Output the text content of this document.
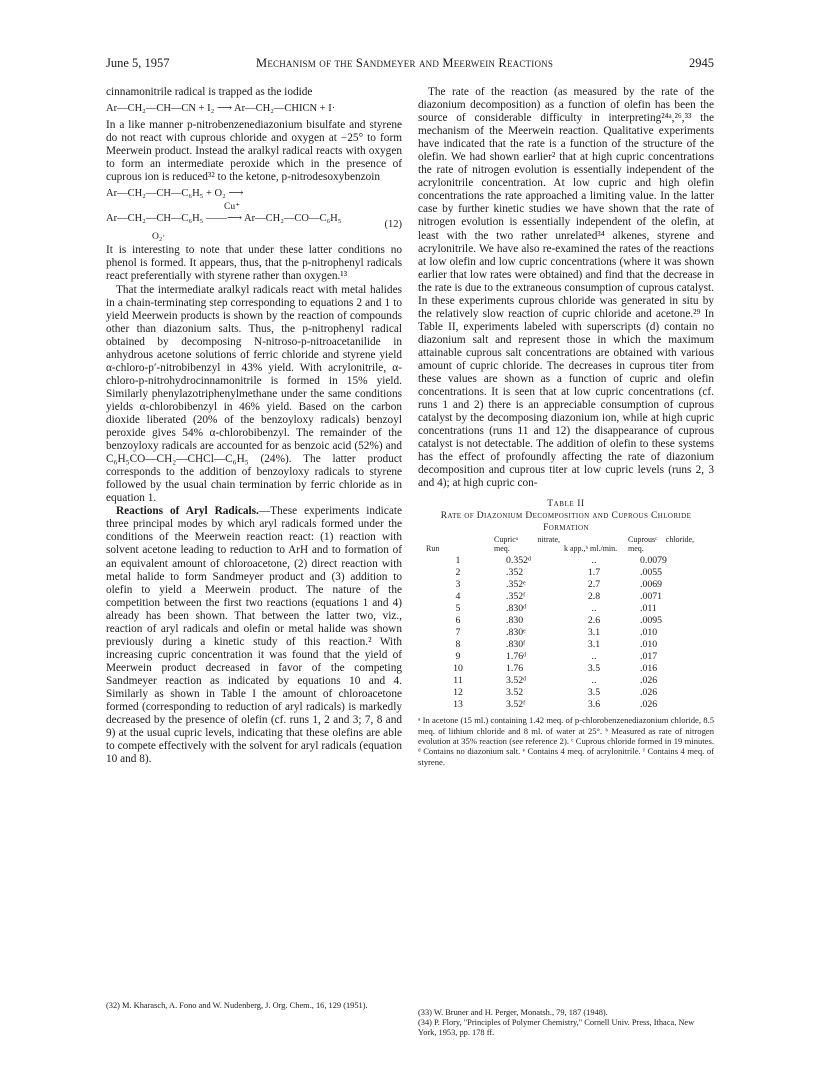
June 5, 1957	Mechanism of the Sandmeyer and Meerwein Reactions	2945

cinnamonitrile radical is trapped as the iodide

Ar—CH₂—CH—CN + I₂ ⟶ Ar—CH₂—CHICN + I·

In a like manner p-nitrobenzenediazonium bisulfate and styrene do not react with cuprous chloride and oxygen at −25° to form Meerwein product. Instead the aralkyl radical reacts with oxygen to form an intermediate peroxide which in the presence of cuprous ion is reduced³² to the ketone, p-nitrodesoxybenzoin

Ar—CH₂—CH—C₆H₅ + O₂ ⟶

Cu⁺
Ar—CH₂—CH—C₆H₅ ——⟶ Ar—CH₂—CO—C₆H₅
(12)
O₂·

It is interesting to note that under these latter conditions no phenol is formed. It appears, thus, that the p-nitrophenyl radicals react preferentially with styrene rather than oxygen.¹³

That the intermediate aralkyl radicals react with metal halides in a chain-terminating step corresponding to equations 2 and 1 to yield Meerwein products is shown by the reaction of compounds other than diazonium salts. Thus, the p-nitrophenyl radical obtained by decomposing N-nitroso-p-nitroacetanilide in anhydrous acetone solutions of ferric chloride and styrene yield α-chloro-p′-nitrobibenzyl in 43% yield. With acrylonitrile, α-chloro-p-nitrohydrocinnamonitrile is formed in 15% yield. Similarly phenylazotriphenylmethane under the same conditions yields α-chlorobibenzyl in 46% yield. Based on the carbon dioxide liberated (20% of the benzoyloxy radicals) benzoyl peroxide gives 54% α-chlorobibenzyl. The remainder of the benzoyloxy radicals are accounted for as benzoic acid (52%) and C₆H₅CO—CH₂—CHCl—C₆H₅ (24%). The latter product corresponds to the addition of benzoyloxy radicals to styrene followed by the usual chain termination by ferric chloride as in equation 1.

Reactions of Aryl Radicals.—These experiments indicate three principal modes by which aryl radicals formed under the conditions of the Meerwein reaction react: (1) reaction with solvent acetone leading to reduction to ArH and to formation of an equivalent amount of chloroacetone, (2) direct reaction with metal halide to form Sandmeyer product and (3) addition to olefin to yield a Meerwein product. The nature of the competition between the first two reactions (equations 1 and 4) already has been shown. That between the latter two, viz., reaction of aryl radicals and olefin or metal halide was shown previously during a kinetic study of this reaction.² With increasing cupric concentration it was found that the yield of Meerwein product decreased in favor of the competing Sandmeyer reaction as indicated by equations 10 and 4. Similarly as shown in Table I the amount of chloroacetone formed (corresponding to reduction of aryl radicals) is markedly decreased by the presence of olefin (cf. runs 1, 2 and 3; 7, 8 and 9) at the usual cupric levels, indicating that these olefins are able to compete effectively with the solvent for aryl radicals (equation 10 and 8).

(32) M. Kharasch, A. Fono and W. Nudenberg, J. Org. Chem., 16, 129 (1951).

The rate of the reaction (as measured by the rate of the diazonium decomposition) as a function of olefin has been the source of considerable difficulty in interpreting²⁴ᵃ,²⁶,³³ the mechanism of the Meerwein reaction. Qualitative experiments have indicated that the rate is a function of the structure of the olefin. We had shown earlier² that at high cupric concentrations the rate of nitrogen evolution is essentially independent of the acrylonitrile concentration. At low cupric and high olefin concentrations the rate approached a limiting value. In the latter case by further kinetic studies we have shown that the rate of nitrogen evolution is essentially independent of the olefin, at least with the two rather unrelated³⁴ alkenes, styrene and acrylonitrile. We have also re-examined the rates of the reactions at low olefin and low cupric concentrations (where it was shown earlier that low rates were obtained) and find that the decrease in the rate is due to the extraneous consumption of cuprous catalyst. In these experiments cuprous chloride was generated in situ by the relatively slow reaction of cupric chloride and acetone.²⁹ In Table II, experiments labeled with superscripts (d) contain no diazonium salt and represent those in which the maximum attainable cuprous salt concentrations are obtained with various amount of cupric chloride. The decreases in cuprous titer from these values are shown as a function of cupric and olefin concentrations. It is seen that at low cupric concentrations (cf. runs 1 and 2) there is an appreciable consumption of cuprous catalyst by the decomposing diazonium ion, while at high cupric concentrations (runs 11 and 12) the disappearance of cuprous catalyst is not detectable. The addition of olefin to these systems has the effect of profoundly affecting the rate of diazonium decomposition and cuprous titer at low cupric levels (runs 2, 3 and 4); at high cupric con-

Table II

Rate of Diazonium Decomposition and Cuprous Chloride Formation

Run	Cupricᵃ nitrate, meq.	k app.,ᵇ ml./min.	Cuprousᶜ chloride, meq.
1	0.352ᵈ	..	0.0079
2	.352	1.7	.0055
3	.352ᵉ	2.7	.0069
4	.352ᶠ	2.8	.0071
5	.830ᵈ	..	.011
6	.830	2.6	.0095
7	.830ᵉ	3.1	.010
8	.830ᶠ	3.1	.010
9	1.76ᵈ	..	.017
10	1.76	3.5	.016
11	3.52ᵈ	..	.026
12	3.52	3.5	.026
13	3.52ᶠ	3.6	.026

ᵃ In acetone (15 ml.) containing 1.42 meq. of p-chlorobenzenediazonium chloride, 8.5 meq. of lithium chloride and 8 ml. of water at 25°. ᵇ Measured as rate of nitrogen evolution at 35% reaction (see reference 2). ᶜ Cuprous chloride formed in 19 minutes. ᵈ Contains no diazonium salt. ᵉ Contains 4 meq. of acrylonitrile. ᶠ Contains 4 meq. of styrene.

(33) W. Bruner and H. Perger, Monatsh., 79, 187 (1948).

(34) P. Flory, "Principles of Polymer Chemistry," Cornell Univ. Press, Ithaca, New York, 1953, pp. 178 ff.
